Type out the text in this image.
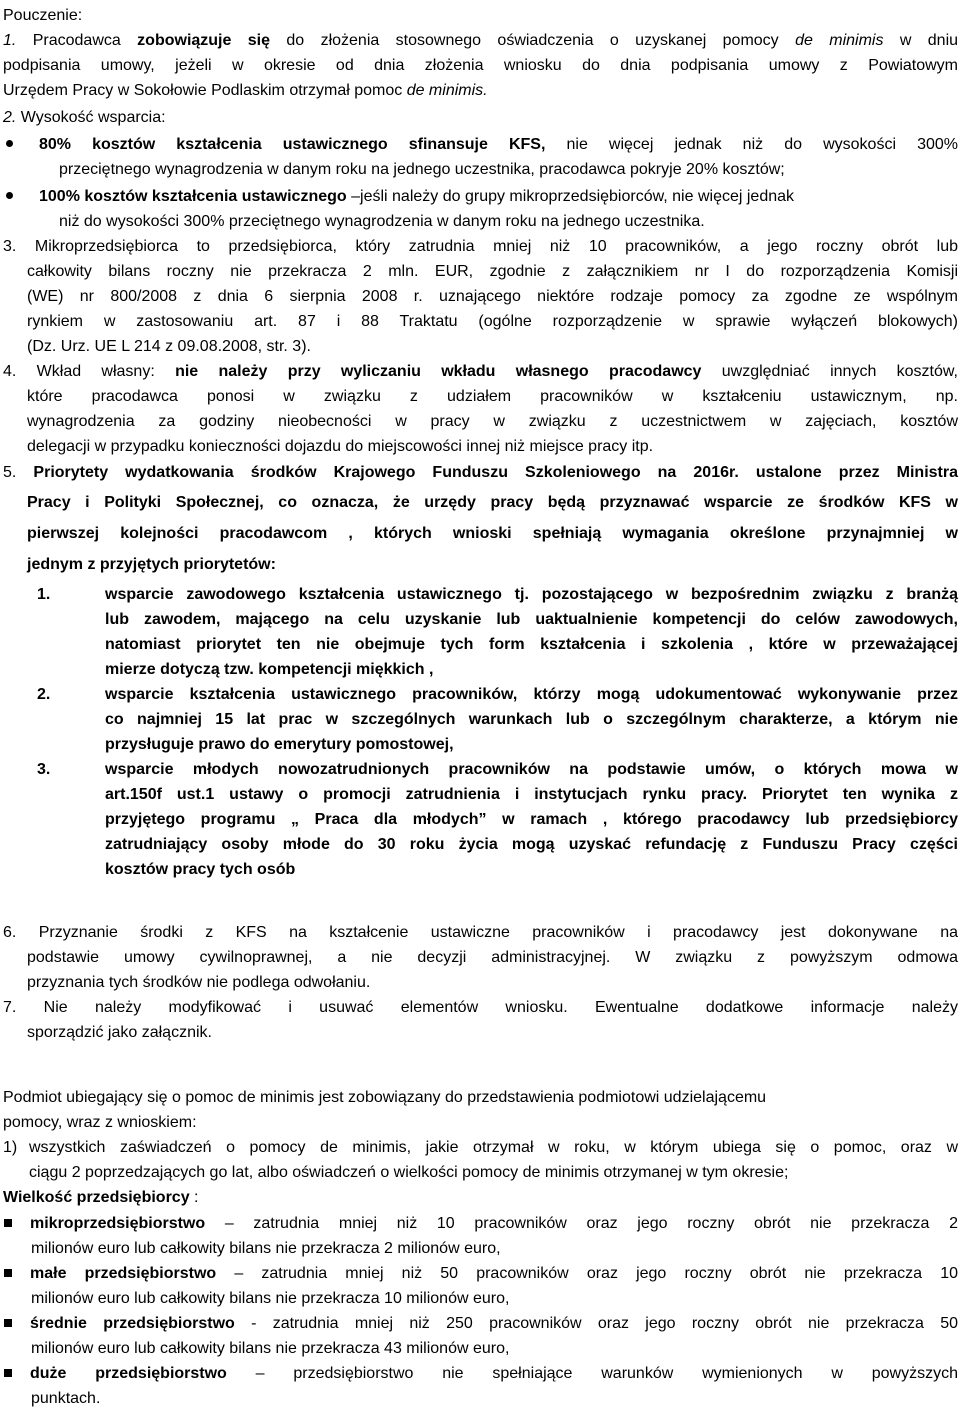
Pouczenie:
1. Pracodawca zobowiązuje się do złożenia stosownego oświadczenia o uzyskanej pomocy de minimis w dniu
podpisania umowy, jeżeli w okresie od dnia złożenia wniosku do dnia podpisania umowy z Powiatowym
Urzędem Pracy w Sokołowie Podlaskim otrzymał pomoc de minimis.
2. Wysokość wsparcia:
80% kosztów kształcenia ustawicznego sfinansuje KFS, nie więcej jednak niż do wysokości 300%
przeciętnego wynagrodzenia w danym roku na jednego uczestnika, pracodawca pokryje 20% kosztów;
100% kosztów kształcenia ustawicznego –jeśli należy do grupy mikroprzedsiębiorców, nie więcej jednak
niż do wysokości 300% przeciętnego wynagrodzenia w danym roku na jednego uczestnika.
3. Mikroprzedsiębiorca to przedsiębiorca, który zatrudnia mniej niż 10 pracowników, a jego roczny obrót lub
całkowity bilans roczny nie przekracza 2 mln. EUR, zgodnie z załącznikiem nr I do rozporządzenia Komisji
(WE) nr 800/2008 z dnia 6 sierpnia 2008 r. uznającego niektóre rodzaje pomocy za zgodne ze wspólnym
rynkiem w zastosowaniu art. 87 i 88 Traktatu (ogólne rozporządzenie w sprawie wyłączeń blokowych)
(Dz. Urz. UE L 214 z 09.08.2008, str. 3).
4. Wkład własny: nie należy przy wyliczaniu wkładu własnego pracodawcy uwzględniać innych kosztów,
które pracodawca ponosi w związku z udziałem pracowników w kształceniu ustawicznym, np.
wynagrodzenia za godziny nieobecności w pracy w związku z uczestnictwem w zajęciach, kosztów
delegacji w przypadku konieczności dojazdu do miejscowości innej niż miejsce pracy itp.
5. Priorytety wydatkowania środków Krajowego Funduszu Szkoleniowego na 2016r. ustalone przez Ministra
Pracy i Polityki Społecznej, co oznacza, że urzędy pracy będą przyznawać wsparcie ze środków KFS w
pierwszej kolejności pracodawcom , których wnioski spełniają wymagania określone przynajmniej w
jednym z przyjętych priorytetów:
1.	wsparcie zawodowego kształcenia ustawicznego tj. pozostającego w bezpośrednim związku z branżą
lub zawodem, mającego na celu uzyskanie lub uaktualnienie kompetencji do celów zawodowych,
natomiast priorytet ten nie obejmuje tych form kształcenia i szkolenia , które w przeważającej
mierze dotyczą tzw. kompetencji miękkich ,
2.	wsparcie kształcenia ustawicznego pracowników, którzy mogą udokumentować wykonywanie przez
co najmniej 15 lat prac w szczególnych warunkach lub o szczególnym charakterze, a którym nie
przysługuje prawo do emerytury pomostowej,
3.	wsparcie młodych nowozatrudnionych pracowników na podstawie umów, o których mowa w
art.150f ust.1 ustawy o promocji zatrudnienia i instytucjach rynku pracy. Priorytet ten wynika z
przyjętego programu „ Praca dla młodych” w ramach , którego pracodawcy lub przedsiębiorcy
zatrudniający osoby młode do 30 roku życia mogą uzyskać refundację z Funduszu Pracy części
kosztów pracy tych osób
6. Przyznanie środki z KFS na kształcenie ustawiczne pracowników i pracodawcy jest dokonywane na
podstawie umowy cywilnoprawnej, a nie decyzji administracyjnej. W związku z powyższym odmowa
przyznania tych środków nie podlega odwołaniu.
7. Nie należy modyfikować i usuwać elementów wniosku. Ewentualne dodatkowe informacje należy
sporządzić jako załącznik.
Podmiot ubiegający się o pomoc de minimis jest zobowiązany do przedstawienia podmiotowi udzielającemu
pomocy, wraz z wnioskiem:
1) wszystkich zaświadczeń o pomocy de minimis, jakie otrzymał w roku, w którym ubiega się o pomoc, oraz w
ciągu 2 poprzedzających go lat, albo oświadczeń o wielkości pomocy de minimis otrzymanej w tym okresie;
Wielkość przedsiębiorcy :
mikroprzedsiębiorstwo – zatrudnia mniej niż 10 pracowników oraz jego roczny obrót nie przekracza 2
milionów euro lub całkowity bilans nie przekracza 2 milionów euro,
małe przedsiębiorstwo – zatrudnia mniej niż 50 pracowników oraz jego roczny obrót nie przekracza 10
milionów euro lub całkowity bilans nie przekracza 10 milionów euro,
średnie przedsiębiorstwo - zatrudnia mniej niż 250 pracowników oraz jego roczny obrót nie przekracza 50
milionów euro lub całkowity bilans nie przekracza 43 milionów euro,
duże przedsiębiorstwo – przedsiębiorstwo nie spełniające warunków wymienionych w powyższych
punktach.
